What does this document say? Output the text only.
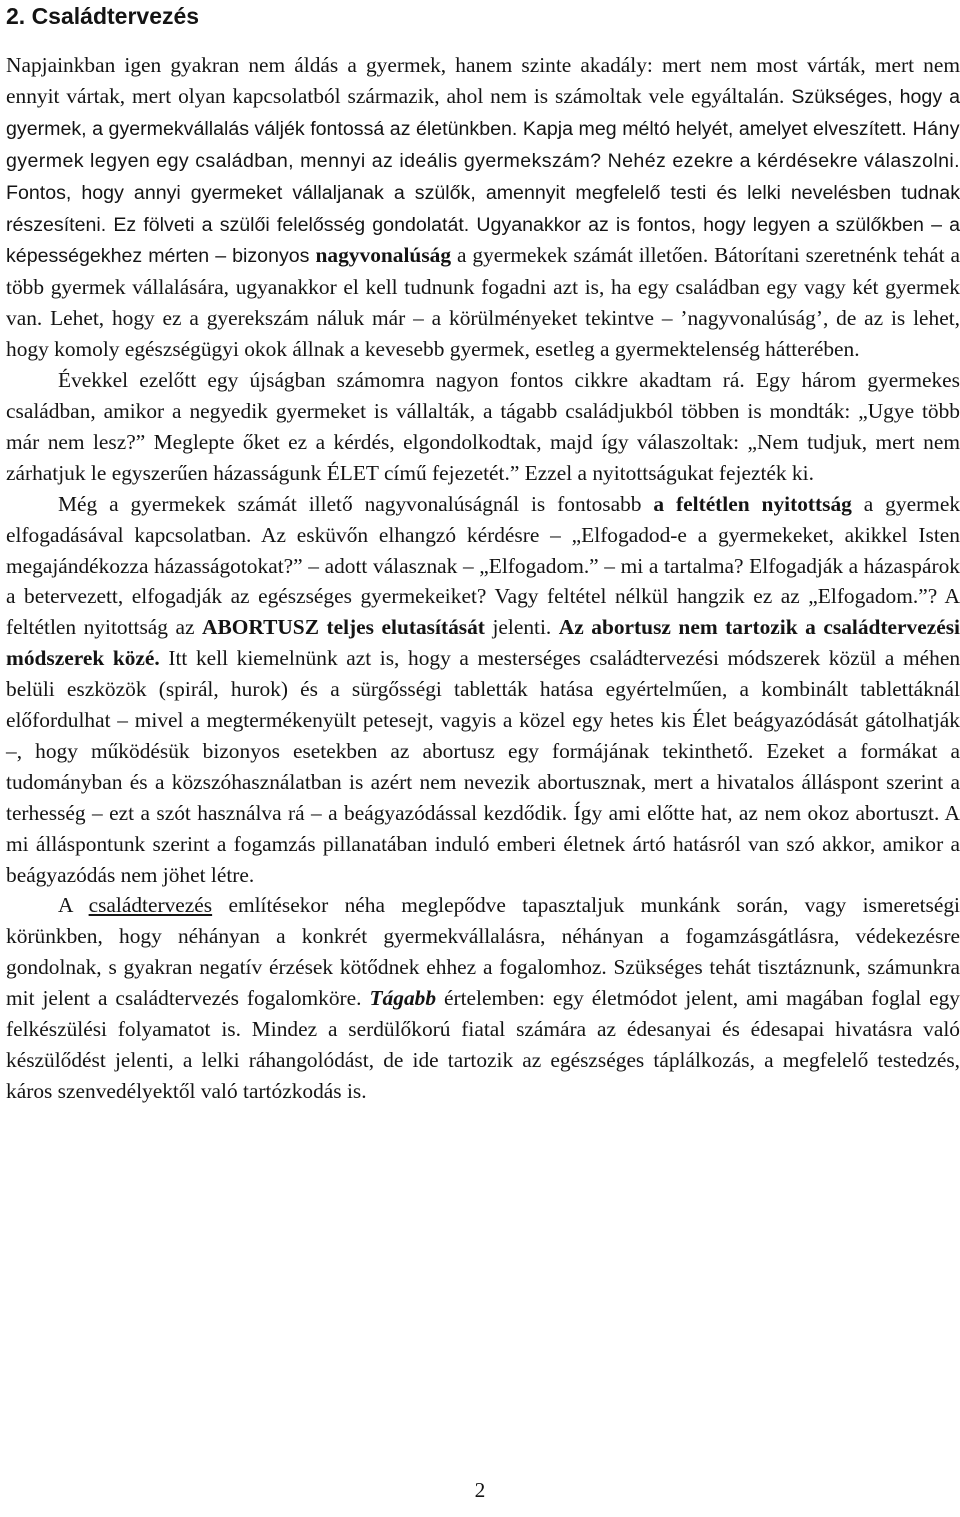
2. Családtervezés

Napjainkban igen gyakran nem áldás a gyermek, hanem szinte akadály: mert nem most várták, mert nem ennyit vártak, mert olyan kapcsolatból származik, ahol nem is számoltak vele egyáltalán. Szükséges, hogy a gyermek, a gyermekvállalás váljék fontossá az életünkben. Kapja meg méltó helyét, amelyet elveszített. Hány gyermek legyen egy családban, mennyi az ideális gyermekszám? Nehéz ezekre a kérdésekre válaszolni. Fontos, hogy annyi gyermeket vállaljanak a szülők, amennyit megfelelő testi és lelki nevelésben tudnak részesíteni. Ez fölveti a szülői felelősség gondolatát. Ugyanakkor az is fontos, hogy legyen a szülőkben – a képességekhez mérten – bizonyos nagyvonalúság a gyermekek számát illetően. Bátorítani szeretnénk tehát a több gyermek vállalására, ugyanakkor el kell tudnunk fogadni azt is, ha egy családban egy vagy két gyermek van. Lehet, hogy ez a gyerekszám náluk már – a körülményeket tekintve – ’nagyvonalúság’, de az is lehet, hogy komoly egészségügyi okok állnak a kevesebb gyermek, esetleg a gyermektelenség hátterében.

Évekkel ezelőtt egy újságban számomra nagyon fontos cikkre akadtam rá. Egy három gyermekes családban, amikor a negyedik gyermeket is vállalták, a tágabb családjukból többen is mondták: „Ugye több már nem lesz?” Meglepte őket ez a kérdés, elgondolkodtak, majd így válaszoltak: „Nem tudjuk, mert nem zárhatjuk le egyszerűen házasságunk ÉLET című fejezetét.” Ezzel a nyitottságukat fejezték ki.

Még a gyermekek számát illető nagyvonalúságnál is fontosabb a feltétlen nyitottság a gyermek elfogadásával kapcsolatban. Az esküvőn elhangzó kérdésre – „Elfogadod-e a gyermekeket, akikkel Isten megajándékozza házasságotokat?” – adott válasznak – „Elfogadom.” – mi a tartalma? Elfogadják a házaspárok a betervezett, elfogadják az egészséges gyermekeiket? Vagy feltétel nélkül hangzik ez az „Elfogadom.”? A feltétlen nyitottság az ABORTUSZ teljes elutasítását jelenti. Az abortusz nem tartozik a családtervezési módszerek közé. Itt kell kiemelnünk azt is, hogy a mesterséges családtervezési módszerek közül a méhen belüli eszközök (spirál, hurok) és a sürgősségi tabletták hatása egyértelműen, a kombinált tablettáknál előfordulhat – mivel a megtermékenyült petesejt, vagyis a közel egy hetes kis Élet beágyazódását gátolhatják –, hogy működésük bizonyos esetekben az abortusz egy formájának tekinthető. Ezeket a formákat a tudományban és a közszóhasználatban is azért nem nevezik abortusznak, mert a hivatalos álláspont szerint a terhesség – ezt a szót használva rá – a beágyazódással kezdődik. Így ami előtte hat, az nem okoz abortuszt. A mi álláspontunk szerint a fogamzás pillanatában induló emberi életnek ártó hatásról van szó akkor, amikor a beágyazódás nem jöhet létre.

A családtervezés említésekor néha meglepődve tapasztaljuk munkánk során, vagy ismeretségi körünkben, hogy néhányan a konkrét gyermekvállalásra, néhányan a fogamzásgátlásra, védekezésre gondolnak, s gyakran negatív érzések kötődnek ehhez a fogalomhoz. Szükséges tehát tisztáznunk, számunkra mit jelent a családtervezés fogalomköre. Tágabb értelemben: egy életmódot jelent, ami magában foglal egy felkészülési folyamatot is. Mindez a serdülőkorú fiatal számára az édesanyai és édesapai hivatásra való készülődést jelenti, a lelki ráhangolódást, de ide tartozik az egészséges táplálkozás, a megfelelő testedzés, káros szenvedélyektől való tartózkodás is.

2
